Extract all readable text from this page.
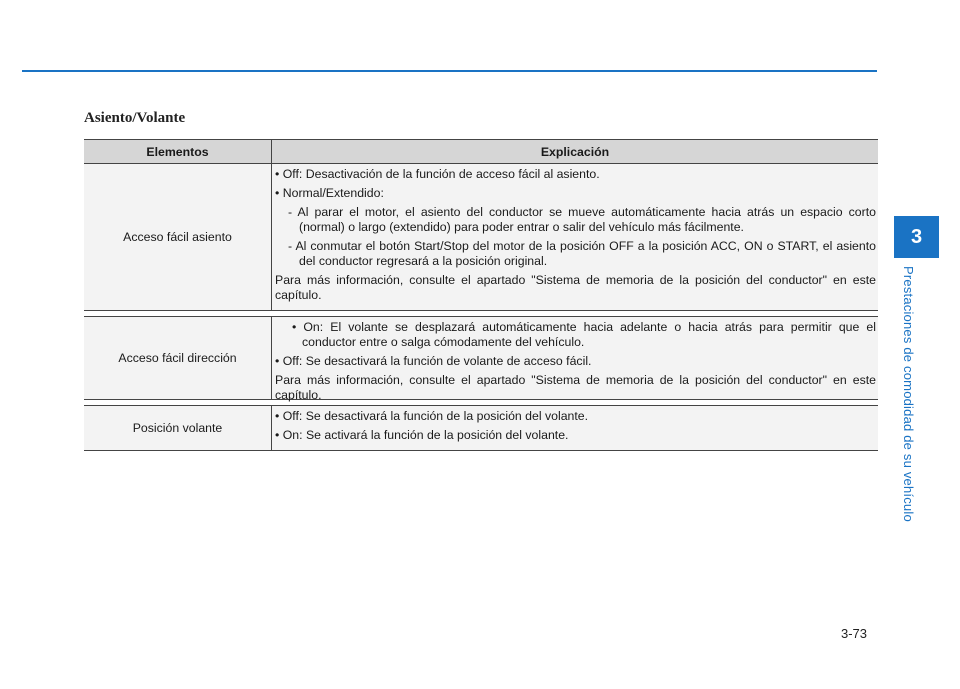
Asiento/Volante
Elementos	Explicación
Acceso fácil asiento
• Off: Desactivación de la función de acceso fácil al asiento.
• Normal/Extendido:
- Al parar el motor, el asiento del conductor se mueve automáticamente hacia atrás un espacio corto (normal) o largo (extendido) para poder entrar o salir del vehículo más fácilmente.
- Al conmutar el botón Start/Stop del motor de la posición OFF a la posición ACC, ON o START, el asiento del conductor regresará a la posición original.
Para más información, consulte el apartado "Sistema de memoria de la posición del conductor" en este capítulo.
Acceso fácil dirección
• On: El volante se desplazará automáticamente hacia adelante o hacia atrás para permitir que el conductor entre o salga cómodamente del vehículo.
• Off: Se desactivará la función de volante de acceso fácil.
Para más información, consulte el apartado "Sistema de memoria de la posición del conductor" en este capítulo.
Posición volante
• Off: Se desactivará la función de la posición del volante.
• On: Se activará la función de la posición del volante.
3
Prestaciones de comodidad de su vehículo
3-73
